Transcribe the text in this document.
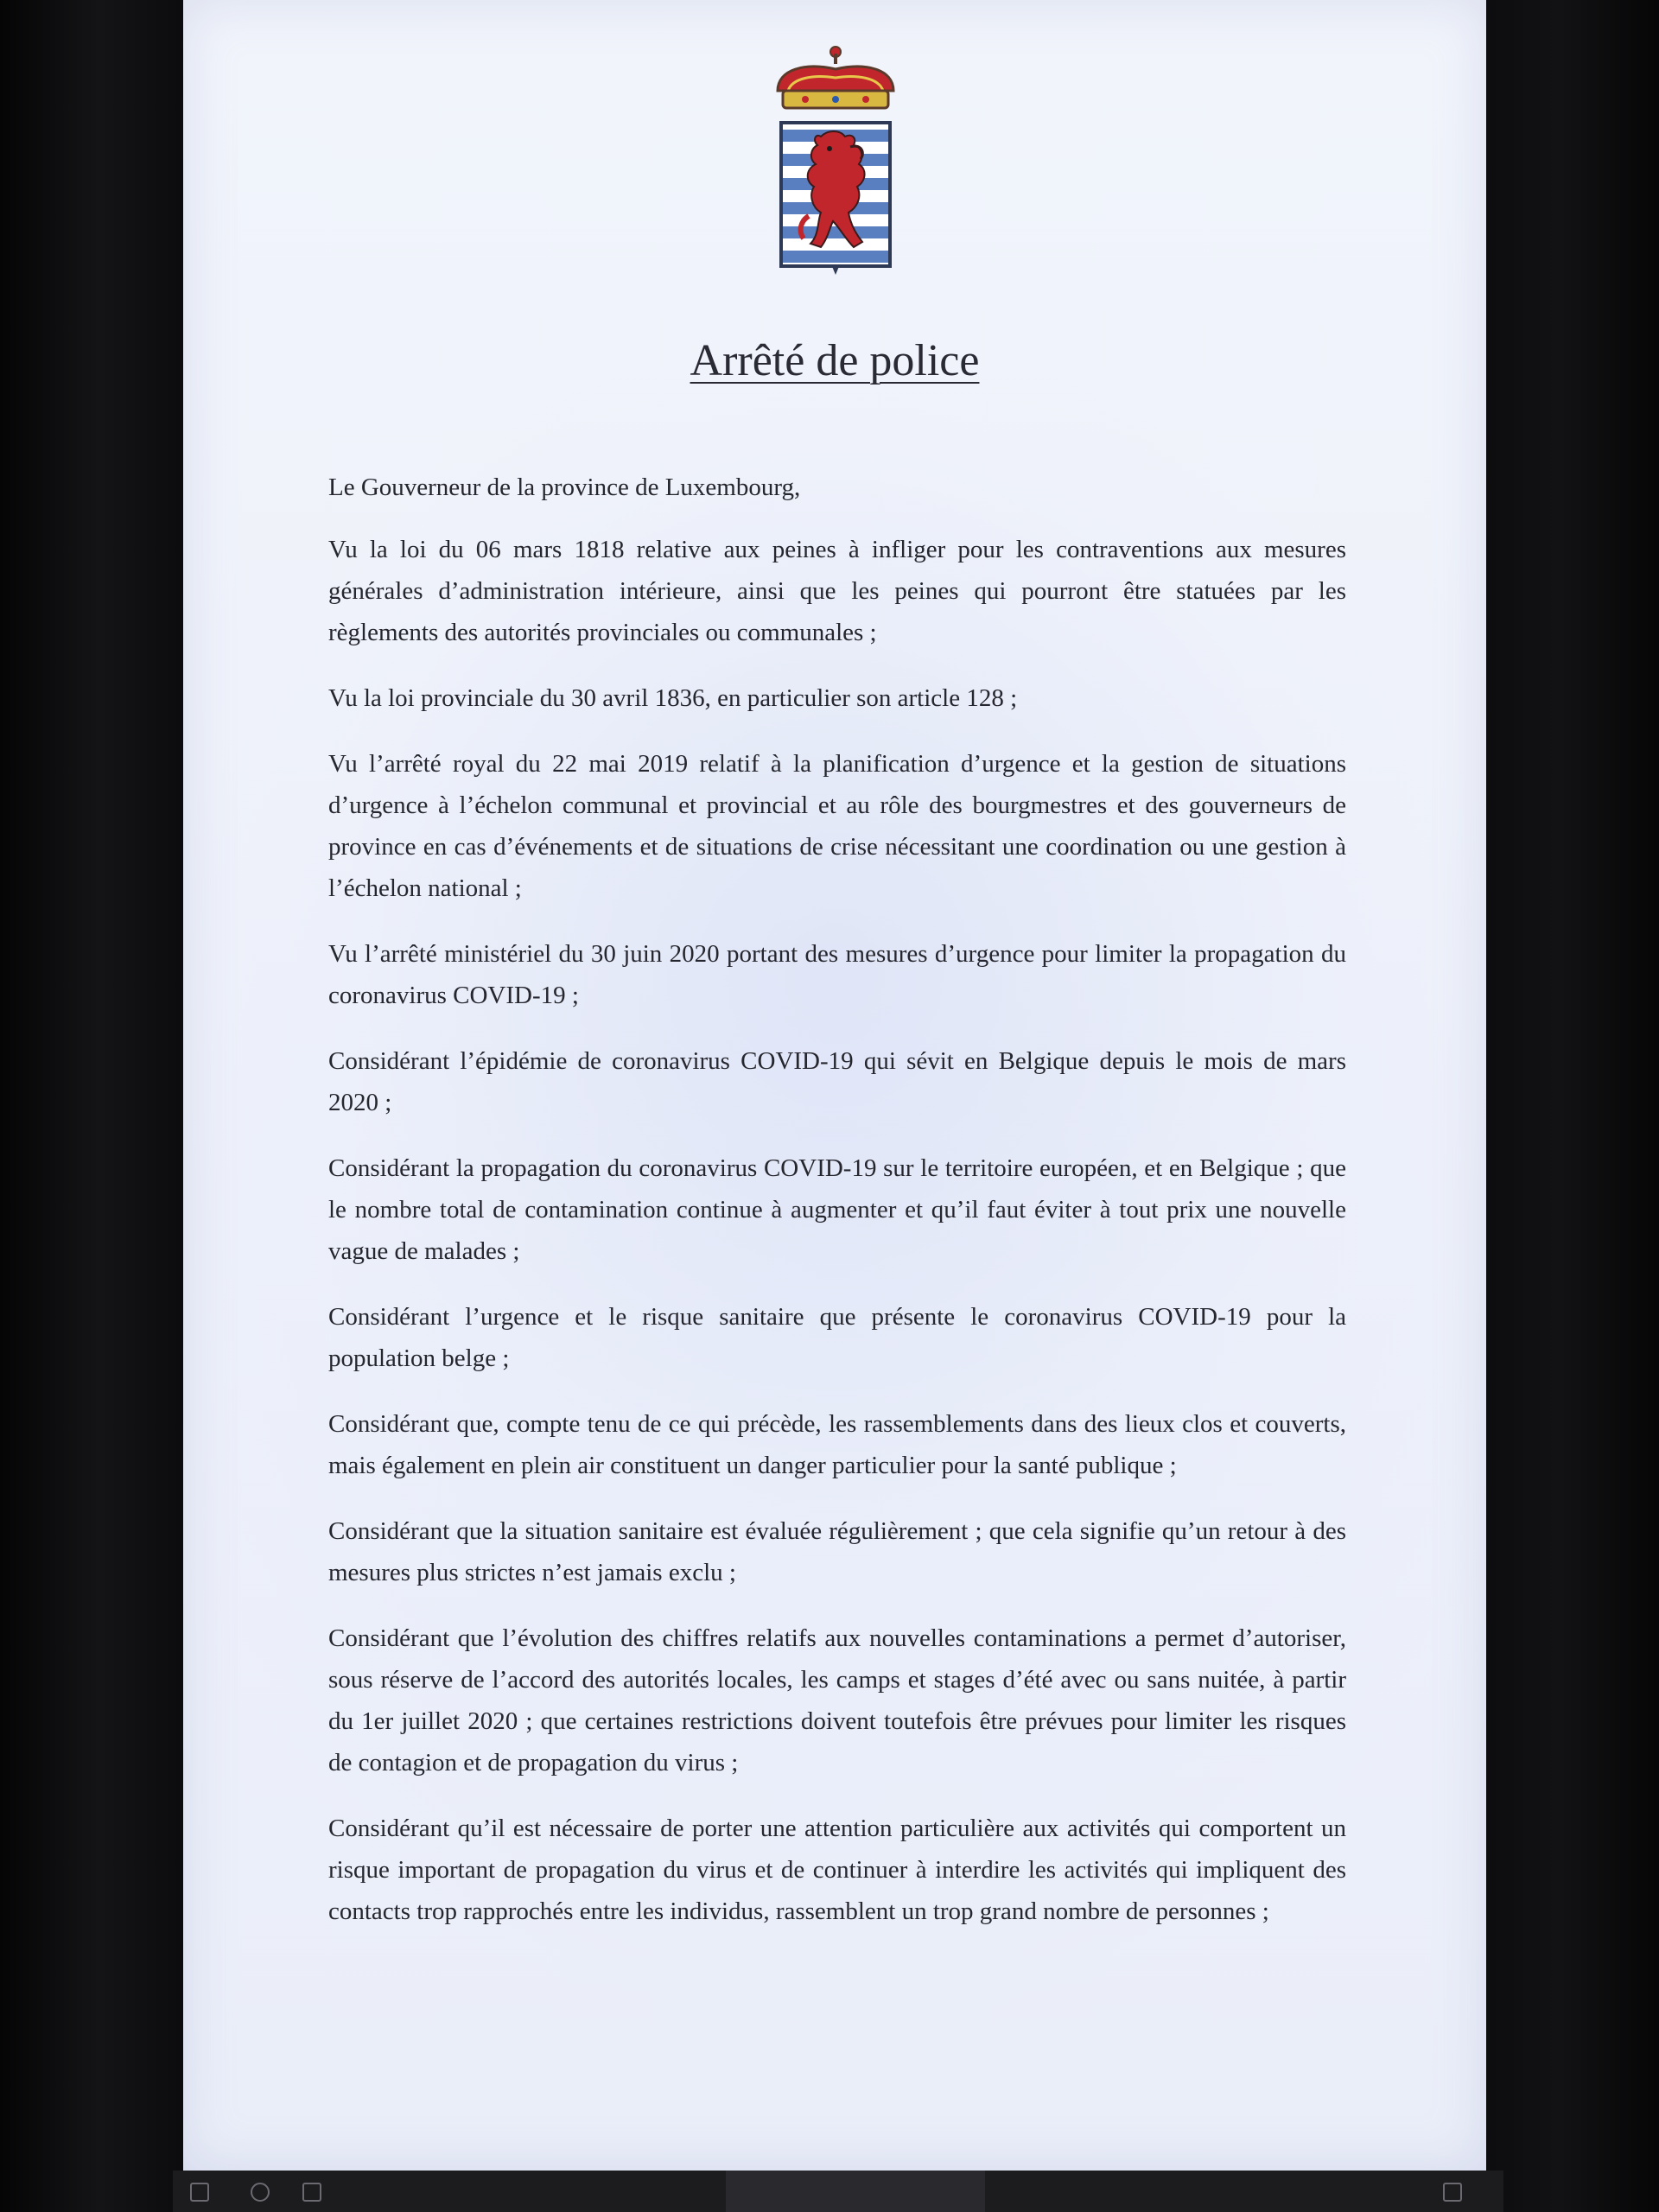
Arrêté de police

Le Gouverneur de la province de Luxembourg,

Vu la loi du 06 mars 1818 relative aux peines à infliger pour les contraventions aux mesures générales d’administration intérieure, ainsi que les peines qui pourront être statuées par les règlements des autorités provinciales ou communales ;

Vu la loi provinciale du 30 avril 1836, en particulier son article 128 ;

Vu l’arrêté royal du 22 mai 2019 relatif à la planification d’urgence et la gestion de situations d’urgence à l’échelon communal et provincial et au rôle des bourgmestres et des gouverneurs de province en cas d’événements et de situations de crise nécessitant une coordination ou une gestion à l’échelon national ;

Vu l’arrêté ministériel du 30 juin 2020 portant des mesures d’urgence pour limiter la propagation du coronavirus COVID-19 ;

Considérant l’épidémie de coronavirus COVID-19 qui sévit en Belgique depuis le mois de mars 2020 ;

Considérant la propagation du coronavirus COVID-19 sur le territoire européen, et en Belgique ; que le nombre total de contamination continue à augmenter et qu’il faut éviter à tout prix une nouvelle vague de malades ;

Considérant l’urgence et le risque sanitaire que présente le coronavirus COVID-19 pour la population belge ;

Considérant que, compte tenu de ce qui précède, les rassemblements dans des lieux clos et couverts, mais également en plein air constituent un danger particulier pour la santé publique ;

Considérant que la situation sanitaire est évaluée régulièrement ; que cela signifie qu’un retour à des mesures plus strictes n’est jamais exclu ;

Considérant que l’évolution des chiffres relatifs aux nouvelles contaminations a permet d’autoriser, sous réserve de l’accord des autorités locales, les camps et stages d’été avec ou sans nuitée, à partir du 1er juillet 2020 ; que certaines restrictions doivent toutefois être prévues pour limiter les risques de contagion et de propagation du virus ;

Considérant qu’il est nécessaire de porter une attention particulière aux activités qui comportent un risque important de propagation du virus et de continuer à interdire les activités qui impliquent des contacts trop rapprochés entre les individus, rassemblent un trop grand nombre de personnes ;
